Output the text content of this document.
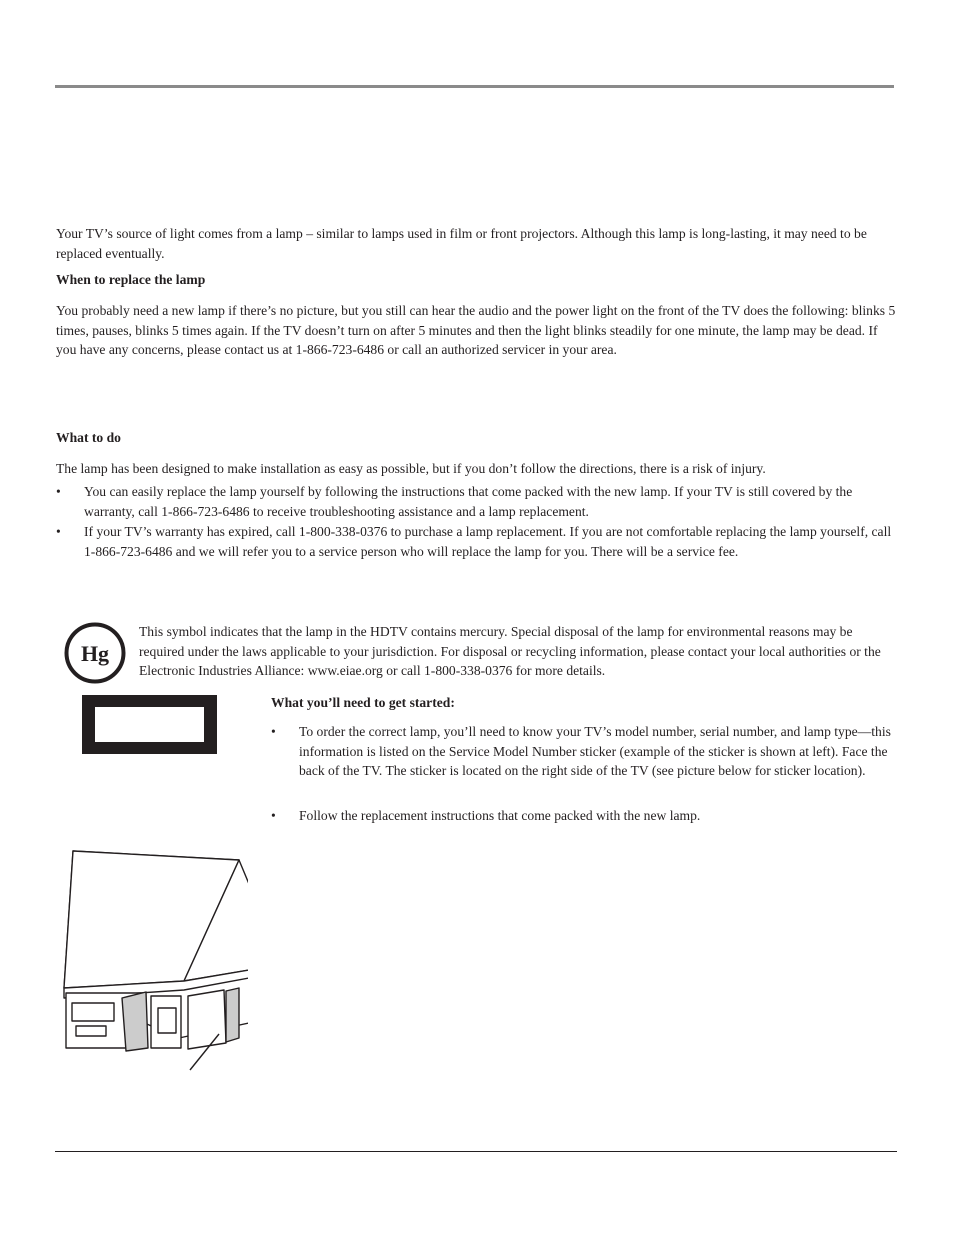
Your TV’s source of light comes from a lamp – similar to lamps used in film or front projectors. Although this lamp is long-lasting, it may need to be replaced eventually.

When to replace the lamp

You probably need a new lamp if there’s no picture, but you still can hear the audio and the power light on the front of the TV does the following: blinks 5 times, pauses, blinks 5 times again. If the TV doesn’t turn on after 5 minutes and then the light blinks steadily for one minute, the lamp may be dead. If you have any concerns, please contact us at 1-866-723-6486 or call an authorized servicer in your area.

What to do

The lamp has been designed to make installation as easy as possible, but if you don’t follow the directions, there is a risk of injury.

• You can easily replace the lamp yourself by following the instructions that come packed with the new lamp. If your TV is still covered by the warranty, call 1-866-723-6486 to receive troubleshooting assistance and a lamp replacement.
• If your TV’s warranty has expired, call 1-800-338-0376 to purchase a lamp replacement. If you are not comfortable replacing the lamp yourself, call 1-866-723-6486 and we will refer you to a service person who will replace the lamp for you. There will be a service fee.
Hg

This symbol indicates that the lamp in the HDTV contains mercury. Special disposal of the lamp for environmental reasons may be required under the laws applicable to your jurisdiction. For disposal or recycling information, please contact your local authorities or the Electronic Industries Alliance: www.eiae.org or call 1-800-338-0376 for more details.

What you’ll need to get started:
• To order the correct lamp, you’ll need to know your TV’s model number, serial number, and lamp type—this information is listed on the Service Model Number sticker (example of the sticker is shown at left). Face the back of the TV. The sticker is located on the right side of the TV (see picture below for sticker location).
• Follow the replacement instructions that come packed with the new lamp.
